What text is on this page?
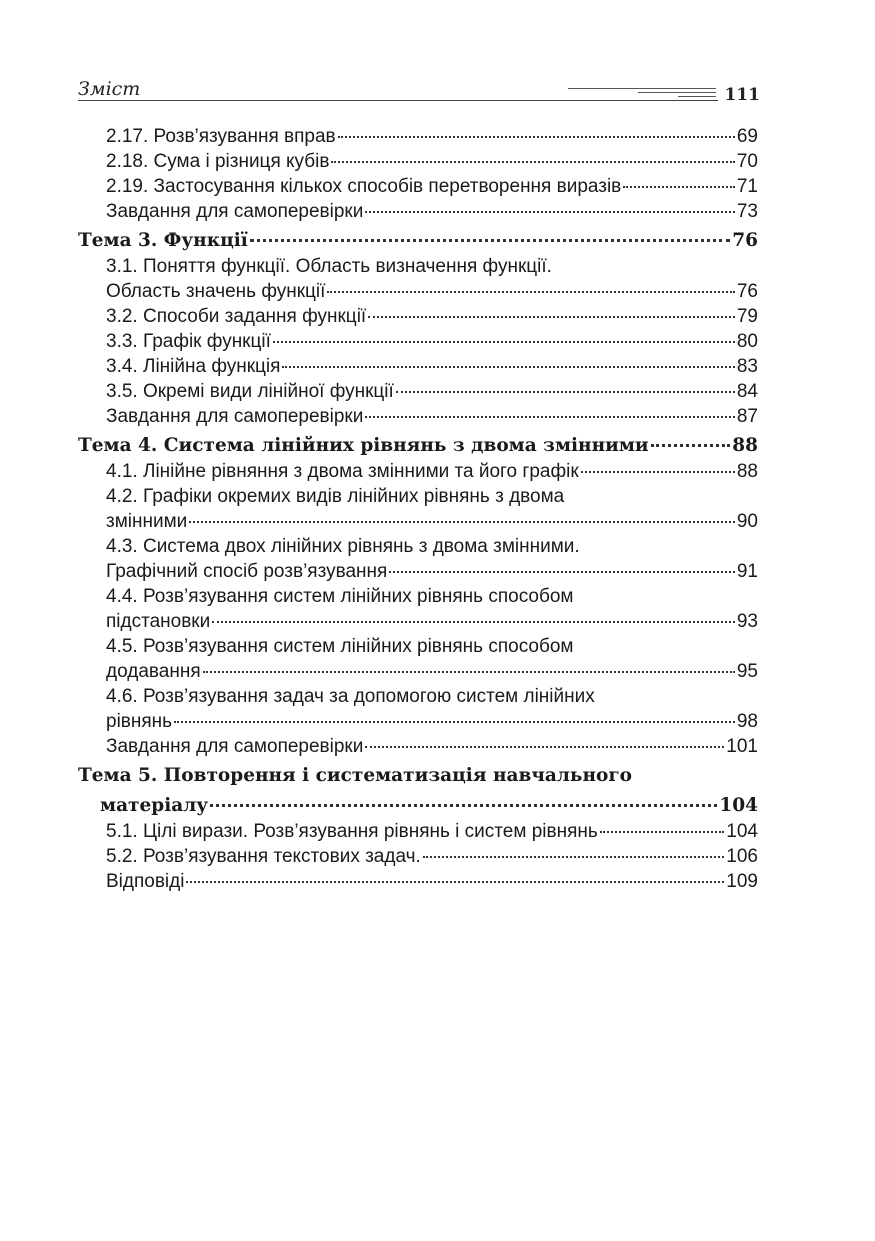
Зміст	111
2.17. Розв’язування вправ	69
2.18. Сума і різниця кубів	70
2.19. Застосування кількох способів перетворення виразів	71
Завдання для самоперевірки	73
Тема 3. Функції	76
3.1. Поняття функції. Область визначення функції.
Область значень функції	76
3.2. Способи задання функції	79
3.3. Графік функції	80
3.4. Лінійна функція	83
3.5. Окремі види лінійної функції	84
Завдання для самоперевірки	87
Тема 4. Система лінійних рівнянь з двома змінними	88
4.1. Лінійне рівняння з двома змінними та його графік	88
4.2. Графіки окремих видів лінійних рівнянь з двома
змінними	90
4.3. Система двох лінійних рівнянь з двома змінними.
Графічний спосіб розв’язування	91
4.4. Розв’язування систем лінійних рівнянь способом
підстановки	93
4.5. Розв’язування систем лінійних рівнянь способом
додавання	95
4.6. Розв’язування задач за допомогою систем лінійних
рівнянь	98
Завдання для самоперевірки	101
Тема 5. Повторення і систематизація навчального
матеріалу	104
5.1. Цілі вирази. Розв’язування рівнянь і систем рівнянь	104
5.2. Розв’язування текстових задач.	106
Відповіді	109
